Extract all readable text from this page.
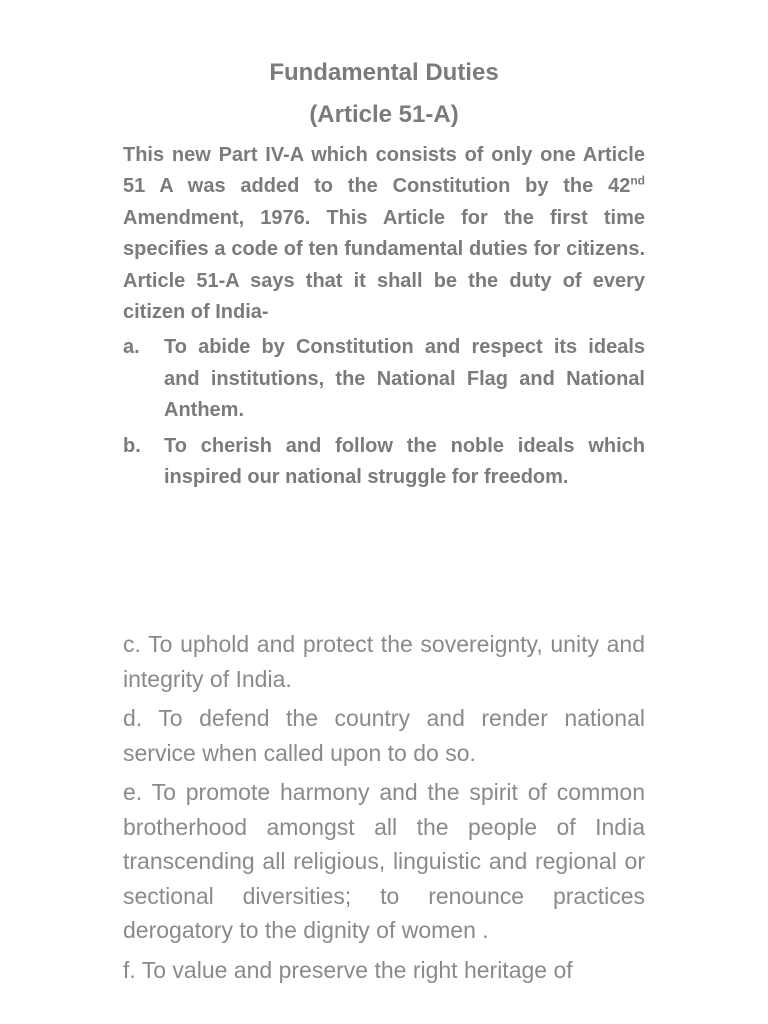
Fundamental Duties
(Article 51-A)

This new Part IV-A which consists of only one Article 51 A was added to the Constitution by the 42nd Amendment, 1976. This Article for the first time specifies a code of ten fundamental duties for citizens. Article 51-A says that it shall be the duty of every citizen of India-

a. To abide by Constitution and respect its ideals and institutions, the National Flag and National Anthem.
b. To cherish and follow the noble ideals which inspired our national struggle for freedom.

c. To uphold and protect the sovereignty, unity and integrity of India.

d. To defend the country and render national service when called upon to do so.

e. To promote harmony and the spirit of common brotherhood amongst all the people of India transcending all religious, linguistic and regional or sectional diversities; to renounce practices derogatory to the dignity of women .

f. To value and preserve the right heritage of
